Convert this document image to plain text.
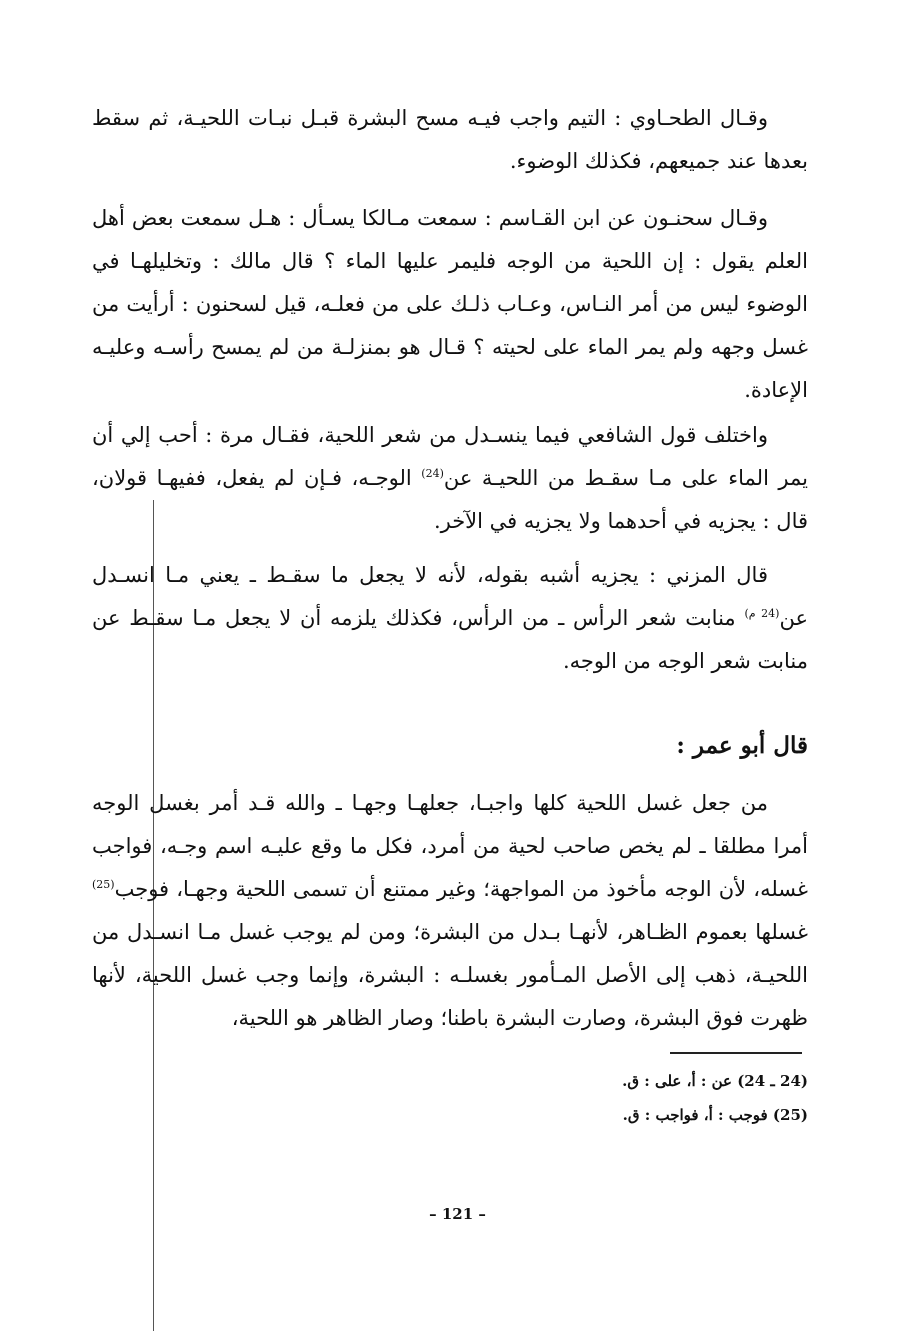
وقـال الطحـاوي : التيم واجب فيـه مسح البشرة قبـل نبـات اللحيـة، ثم سقط بعدها عند جميعهم، فكذلك الوضوء.

وقـال سحنـون عن ابن القـاسم : سمعت مـالكا يسـأل : هـل سمعت بعض أهل العلم يقول : إن اللحية من الوجه فليمر عليها الماء ؟ قال مالك : وتخليلهـا في الوضوء ليس من أمر النـاس، وعـاب ذلـك على من فعلـه، قيل لسحنون : أرأيت من غسل وجهه ولم يمر الماء على لحيته ؟ قـال هو بمنزلـة من لم يمسح رأسـه وعليـه الإعادة.

واختلف قول الشافعي فيما ينسـدل من شعر اللحية، فقـال مرة : أحب إلي أن يمر الماء على مـا سقـط من اللحيـة عن$^{(24)}$ الوجـه، فـإن لم يفعل، ففيهـا قولان، قال : يجزيه في أحدهما ولا يجزيه في الآخر.

قال المزني : يجزيه أشبه بقوله، لأنه لا يجعل ما سقـط ـ يعني مـا انسـدل عن$^{(24 م)}$ منابت شعر الرأس ـ من الرأس، فكذلك يلزمه أن لا يجعل مـا سقـط عن منابت شعر الوجه من الوجه.

قال أبو عمر :

من جعل غسل اللحية كلها واجبـا، جعلهـا وجهـا ـ والله قـد أمر بغسل الوجه أمرا مطلقا ـ لم يخص صاحب لحية من أمرد، فكل ما وقع عليـه اسم وجـه، فواجب غسله، لأن الوجه مأخوذ من المواجهة؛ وغير ممتنع أن تسمى اللحية وجهـا، فوجب$^{(25)}$ غسلها بعموم الظـاهر، لأنهـا بـدل من البشرة؛ ومن لم يوجب غسل مـا انسـدل من اللحيـة، ذهب إلى الأصل المـأمور بغسلـه : البشرة، وإنما وجب غسل اللحية، لأنها ظهرت فوق البشرة، وصارت البشرة باطنا؛ وصار الظاهر هو اللحية،

(24 ـ 24) عن : أ، على : ق.

(25) فوجب : أ، فواجب : ق.

– 121 –
